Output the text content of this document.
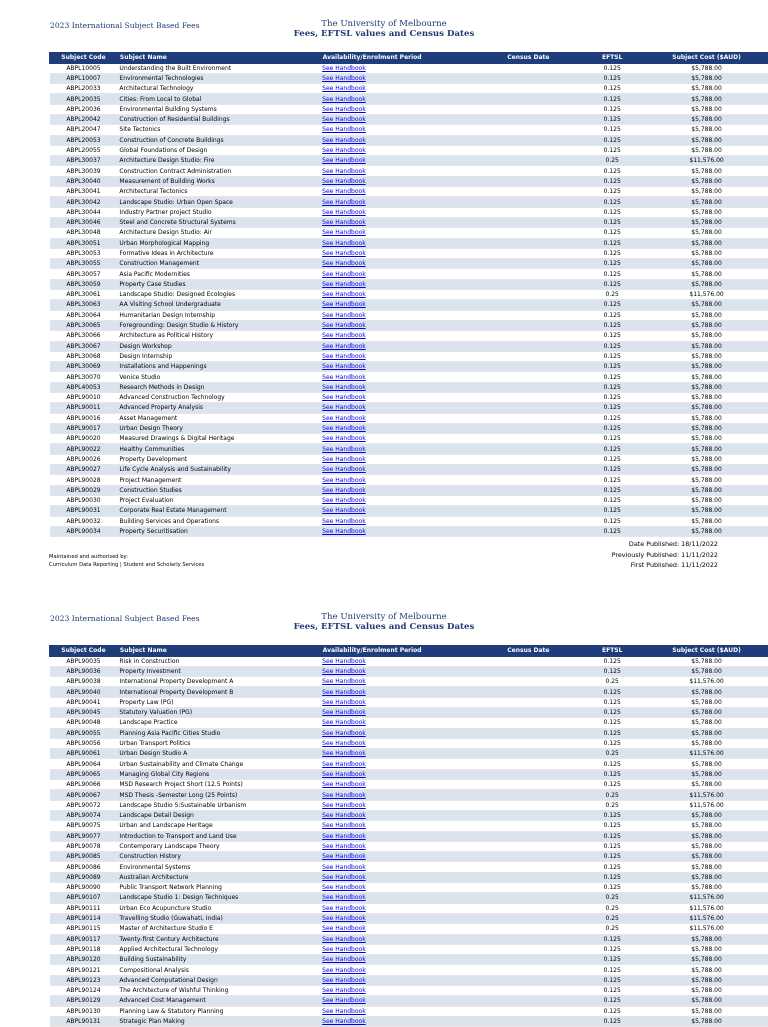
2023 International Subject Based Fees	The University of Melbourne
Fees, EFTSL values and Census Dates
Subject Code	Subject Name	Availability/Enrolment Period	Census Date	EFTSL	Subject Cost ($AUD)
ABPL10005	Understanding the Built Environment	See Handbook		0.125	$5,788.00
ABPL10007	Environmental Technologies	See Handbook		0.125	$5,788.00
ABPL20033	Architectural Technology	See Handbook		0.125	$5,788.00
ABPL20035	Cities: From Local to Global	See Handbook		0.125	$5,788.00
ABPL20036	Environmental Building Systems	See Handbook		0.125	$5,788.00
ABPL20042	Construction of Residential Buildings	See Handbook		0.125	$5,788.00
ABPL20047	Site Tectonics	See Handbook		0.125	$5,788.00
ABPL20053	Construction of Concrete Buildings	See Handbook		0.125	$5,788.00
ABPL20055	Global Foundations of Design	See Handbook		0.125	$5,788.00
ABPL30037	Architecture Design Studio: Fire	See Handbook		0.25	$11,576.00
ABPL30039	Construction Contract Administration	See Handbook		0.125	$5,788.00
ABPL30040	Measurement of Building Works	See Handbook		0.125	$5,788.00
ABPL30041	Architectural Tectonics	See Handbook		0.125	$5,788.00
ABPL30042	Landscape Studio: Urban Open Space	See Handbook		0.125	$5,788.00
ABPL30044	Industry Partner project Studio	See Handbook		0.125	$5,788.00
ABPL30046	Steel and Concrete Structural Systems	See Handbook		0.125	$5,788.00
ABPL30048	Architecture Design Studio: Air	See Handbook		0.125	$5,788.00
ABPL30051	Urban Morphological Mapping	See Handbook		0.125	$5,788.00
ABPL30053	Formative Ideas in Architecture	See Handbook		0.125	$5,788.00
ABPL30055	Construction Management	See Handbook		0.125	$5,788.00
ABPL30057	Asia Pacific Modernities	See Handbook		0.125	$5,788.00
ABPL30059	Property Case Studies	See Handbook		0.125	$5,788.00
ABPL30061	Landscape Studio: Designed Ecologies	See Handbook		0.25	$11,576.00
ABPL30063	AA Visiting School Undergraduate	See Handbook		0.125	$5,788.00
ABPL30064	Humanitarian Design Internship	See Handbook		0.125	$5,788.00
ABPL30065	Foregrounding: Design Studio & History	See Handbook		0.125	$5,788.00
ABPL30066	Architecture as Political History	See Handbook		0.125	$5,788.00
ABPL30067	Design Workshop	See Handbook		0.125	$5,788.00
ABPL30068	Design Internship	See Handbook		0.125	$5,788.00
ABPL30069	Installations and Happenings	See Handbook		0.125	$5,788.00
ABPL30070	Venice Studio	See Handbook		0.125	$5,788.00
ABPL40053	Research Methods in Design	See Handbook		0.125	$5,788.00
ABPL90010	Advanced Construction Technology	See Handbook		0.125	$5,788.00
ABPL90011	Advanced Property Analysis	See Handbook		0.125	$5,788.00
ABPL90016	Asset Management	See Handbook		0.125	$5,788.00
ABPL90017	Urban Design Theory	See Handbook		0.125	$5,788.00
ABPL90020	Measured Drawings & Digital Heritage	See Handbook		0.125	$5,788.00
ABPL90022	Healthy Communities	See Handbook		0.125	$5,788.00
ABPL90026	Property Development	See Handbook		0.125	$5,788.00
ABPL90027	Life Cycle Analysis and Sustainability	See Handbook		0.125	$5,788.00
ABPL90028	Project Management	See Handbook		0.125	$5,788.00
ABPL90029	Construction Studies	See Handbook		0.125	$5,788.00
ABPL90030	Project Evaluation	See Handbook		0.125	$5,788.00
ABPL90031	Corporate Real Estate Management	See Handbook		0.125	$5,788.00
ABPL90032	Building Services and Operations	See Handbook		0.125	$5,788.00
ABPL90034	Property Securitisation	See Handbook		0.125	$5,788.00
Maintained and authorised by:
Curriculum Data Reporting | Student and Scholarly Services
Date Published: 18/11/2022
Previously Published: 11/11/2022
First Published: 11/11/2022
2023 International Subject Based Fees	The University of Melbourne
Fees, EFTSL values and Census Dates
Subject Code	Subject Name	Availability/Enrolment Period	Census Date	EFTSL	Subject Cost ($AUD)
ABPL90035	Risk in Construction	See Handbook		0.125	$5,788.00
ABPL90036	Property Investment	See Handbook		0.125	$5,788.00
ABPL90038	International Property Development A	See Handbook		0.25	$11,576.00
ABPL90040	International Property Development B	See Handbook		0.125	$5,788.00
ABPL90041	Property Law (PG)	See Handbook		0.125	$5,788.00
ABPL90045	Statutory Valuation (PG)	See Handbook		0.125	$5,788.00
ABPL90048	Landscape Practice	See Handbook		0.125	$5,788.00
ABPL90055	Planning Asia Pacific Cities Studio	See Handbook		0.125	$5,788.00
ABPL90056	Urban Transport Politics	See Handbook		0.125	$5,788.00
ABPL90061	Urban Design Studio A	See Handbook		0.25	$11,576.00
ABPL90064	Urban Sustainability and Climate Change	See Handbook		0.125	$5,788.00
ABPL90065	Managing Global City Regions	See Handbook		0.125	$5,788.00
ABPL90066	MSD Research Project Short (12.5 Points)	See Handbook		0.125	$5,788.00
ABPL90067	MSD Thesis -Semester Long (25 Points)	See Handbook		0.25	$11,576.00
ABPL90072	Landscape Studio 5:Sustainable Urbanism	See Handbook		0.25	$11,576.00
ABPL90074	Landscape Detail Design	See Handbook		0.125	$5,788.00
ABPL90075	Urban and Landscape Heritage	See Handbook		0.125	$5,788.00
ABPL90077	Introduction to Transport and Land Use	See Handbook		0.125	$5,788.00
ABPL90078	Contemporary Landscape Theory	See Handbook		0.125	$5,788.00
ABPL90085	Construction History	See Handbook		0.125	$5,788.00
ABPL90086	Environmental Systems	See Handbook		0.125	$5,788.00
ABPL90089	Australian Architecture	See Handbook		0.125	$5,788.00
ABPL90090	Public Transport Network Planning	See Handbook		0.125	$5,788.00
ABPL90107	Landscape Studio 1: Design Techniques	See Handbook		0.25	$11,576.00
ABPL90111	Urban Eco Acupuncture Studio	See Handbook		0.25	$11,576.00
ABPL90114	Travelling Studio (Guwahati, India)	See Handbook		0.25	$11,576.00
ABPL90115	Master of Architecture Studio E	See Handbook		0.25	$11,576.00
ABPL90117	Twenty-first Century Architecture	See Handbook		0.125	$5,788.00
ABPL90118	Applied Architectural Technology	See Handbook		0.125	$5,788.00
ABPL90120	Building Sustainability	See Handbook		0.125	$5,788.00
ABPL90121	Compositional Analysis	See Handbook		0.125	$5,788.00
ABPL90123	Advanced Computational Design	See Handbook		0.125	$5,788.00
ABPL90124	The Architecture of Wishful Thinking	See Handbook		0.125	$5,788.00
ABPL90129	Advanced Cost Management	See Handbook		0.125	$5,788.00
ABPL90130	Planning Law & Statutory Planning	See Handbook		0.125	$5,788.00
ABPL90131	Strategic Plan Making	See Handbook		0.125	$5,788.00
